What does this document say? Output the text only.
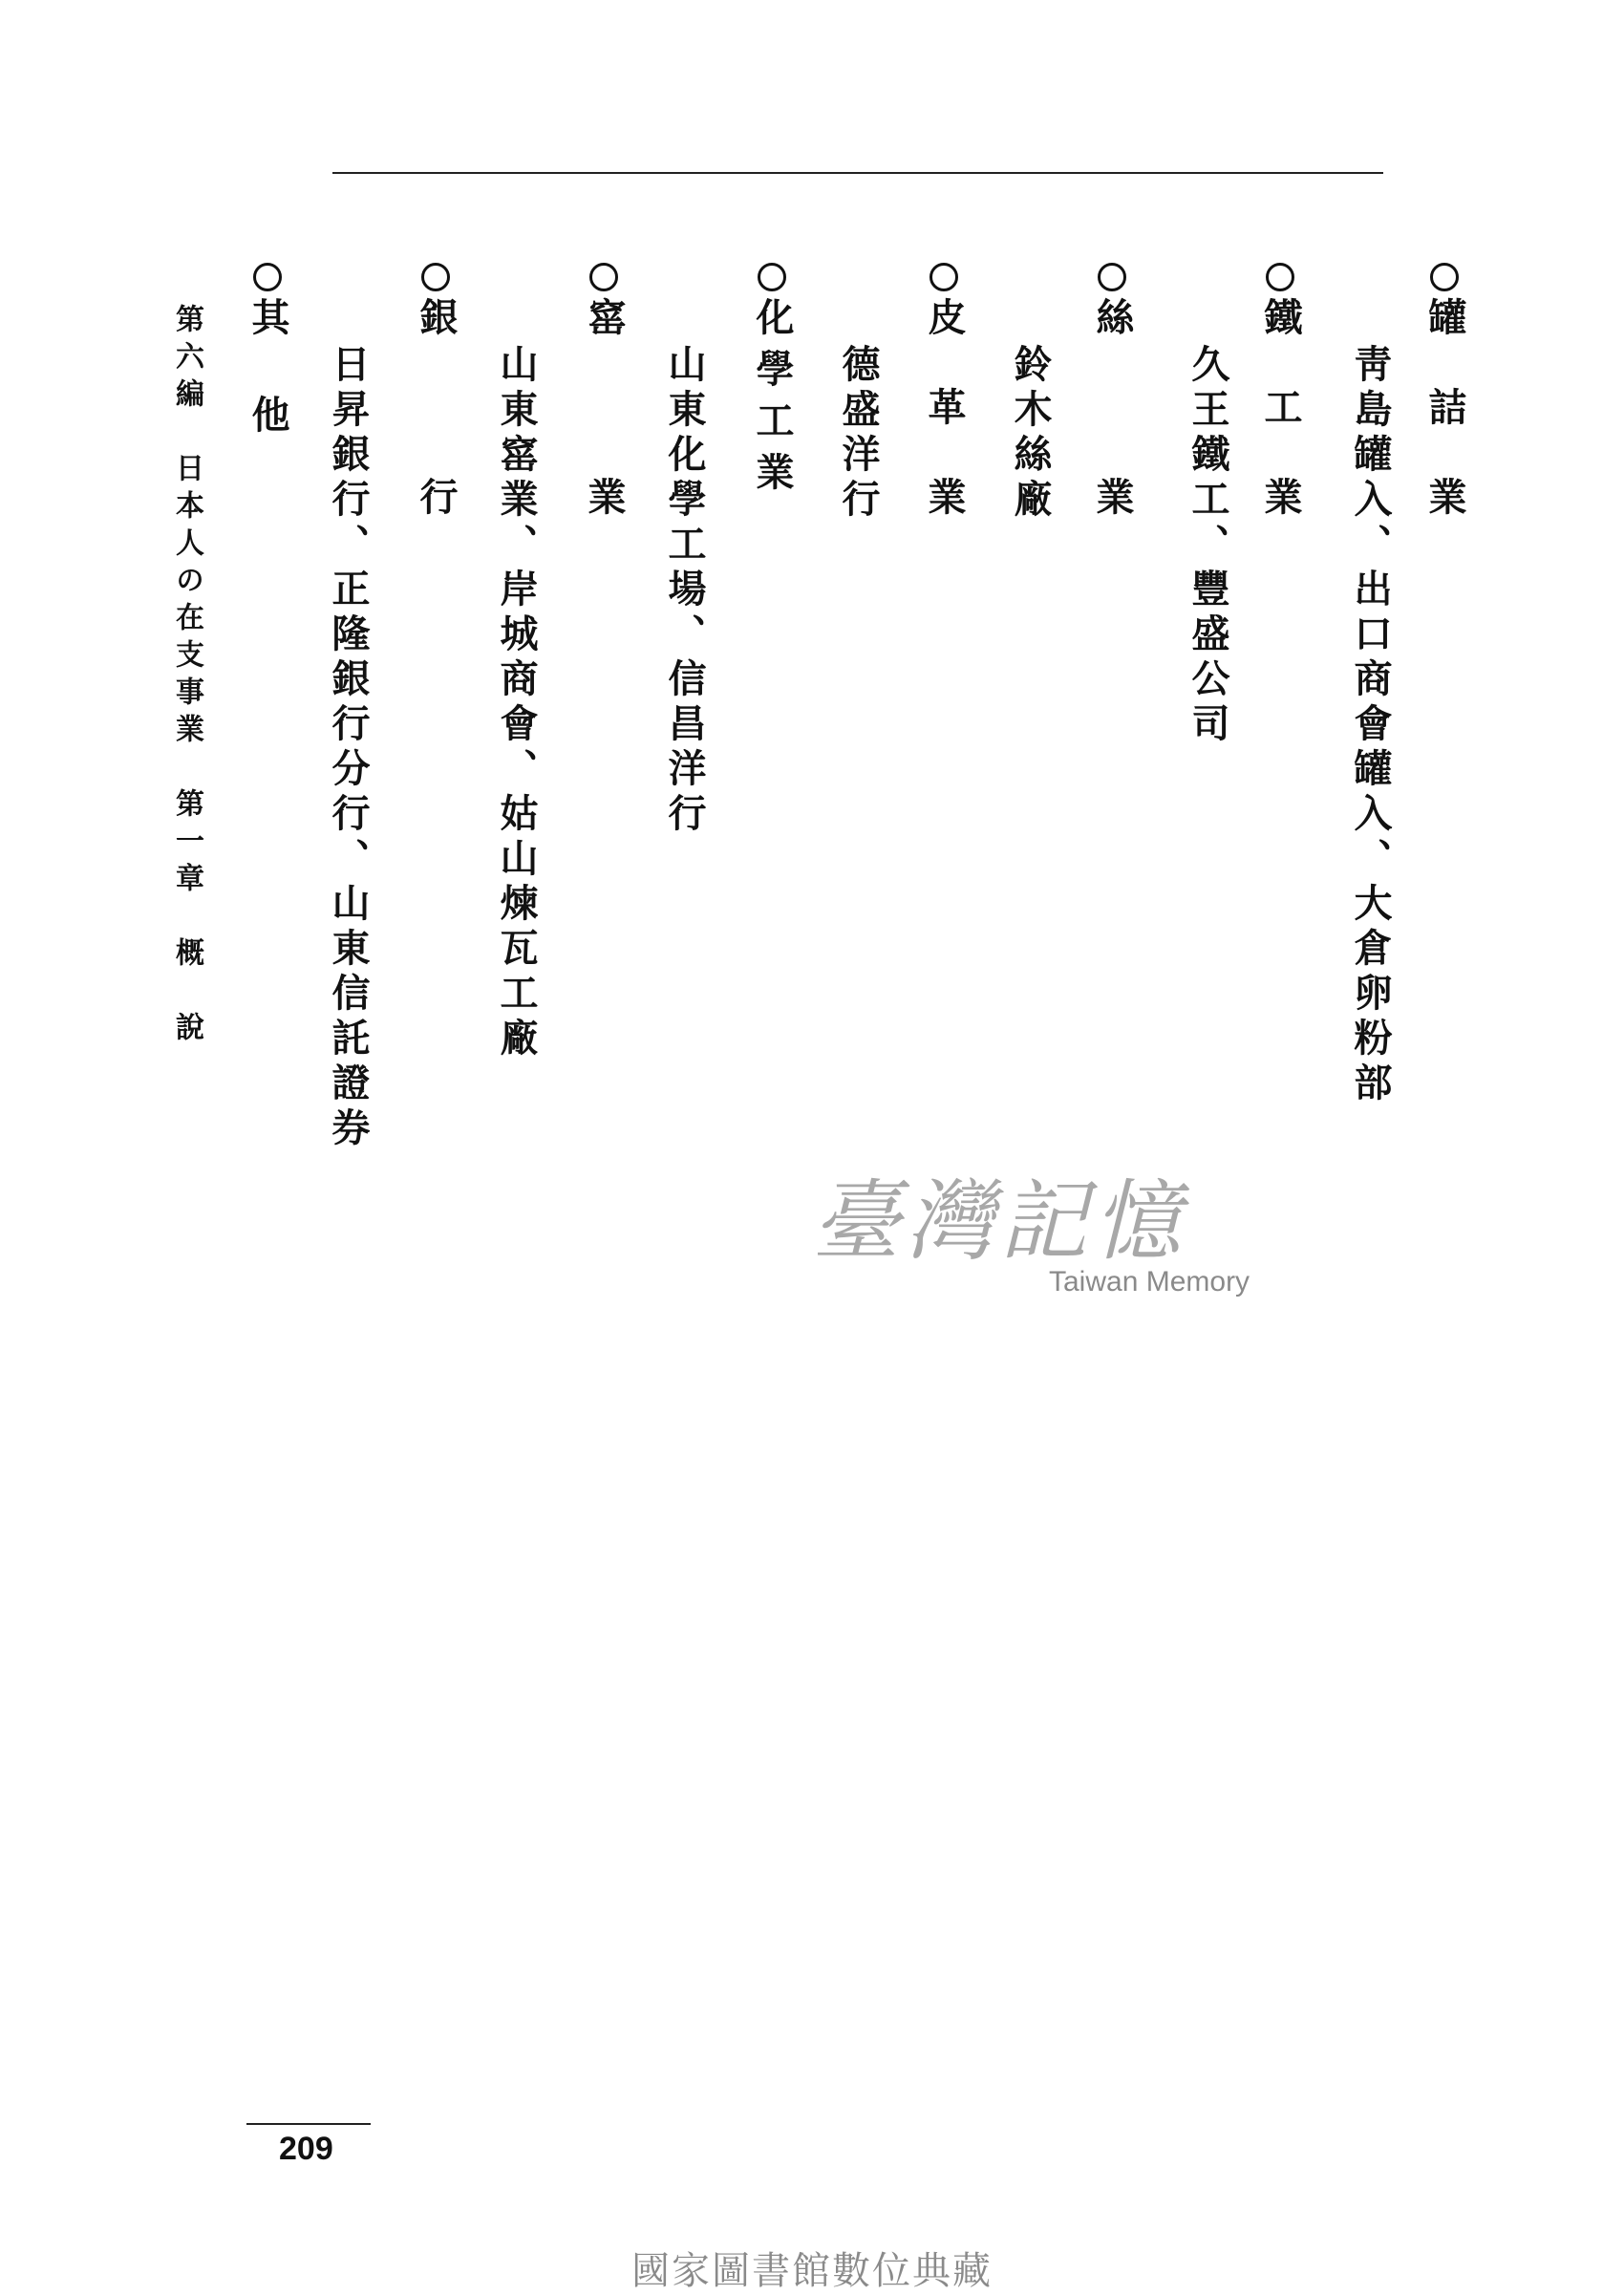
罐詰業
靑島罐入、出口商會罐入、大倉卵粉部
鐵工業
久王鐵工、豐盛公司
絲業
鈴木絲廠
皮革業
德盛洋行
化學工業
山東化學工場、信昌洋行
窰業
山東窰業、岸城商會、姑山煉瓦工廠
銀行
日昇銀行、正隆銀行分行、山東信託證券
其他
第六編　日本人の在支事業　第一章　概　說
209
臺灣記憶
Taiwan Memory
國家圖書館數位典藏
